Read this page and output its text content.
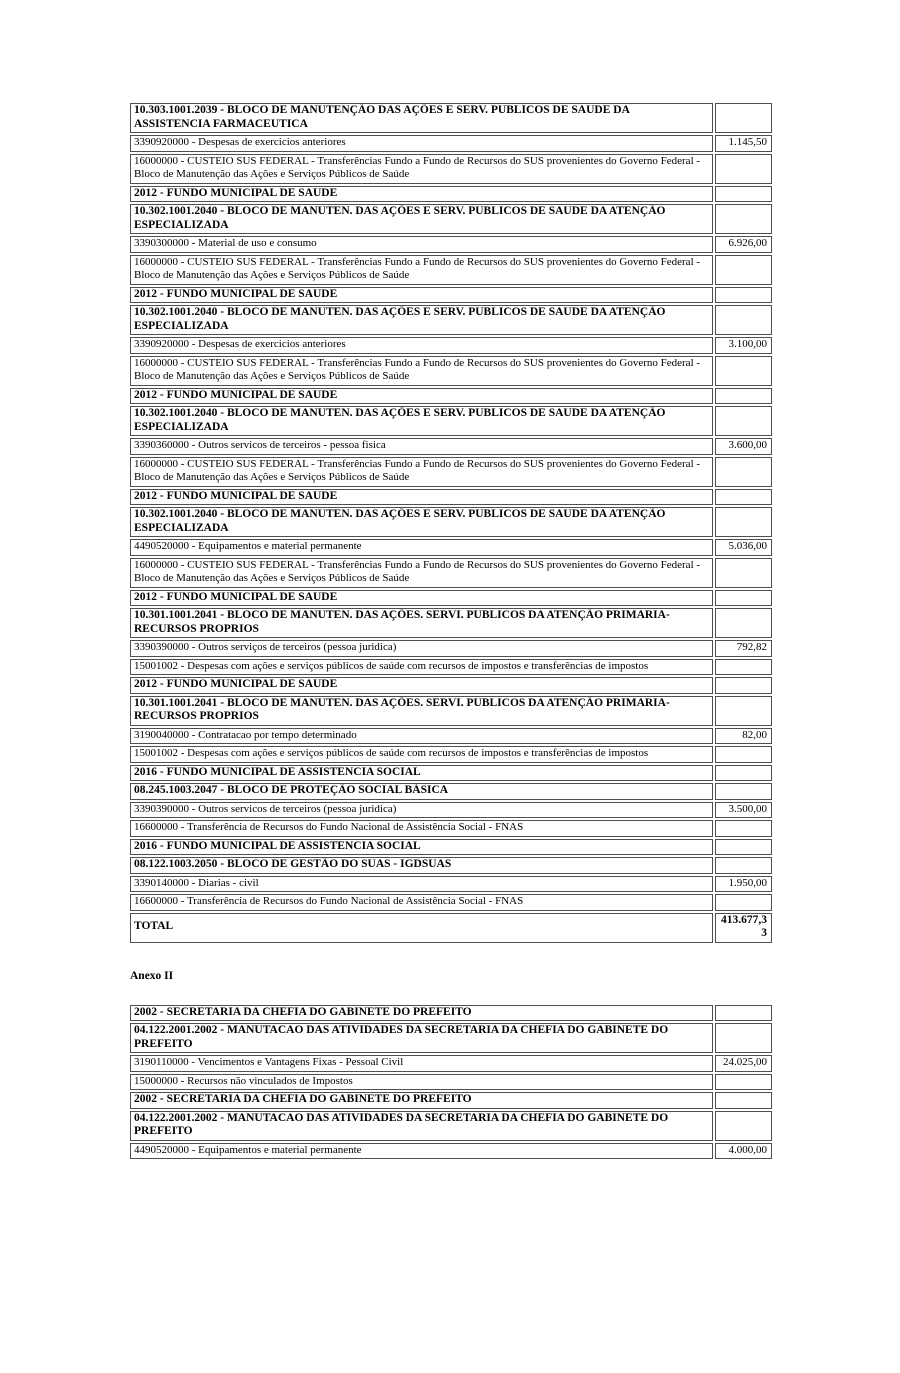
10.303.1001.2039 - BLOCO DE MANUTENÇÃO DAS AÇÕES E SERV. PUBLICOS DE SAUDE DA ASSISTENCIA FARMACEUTICA	
3390920000 - Despesas de exercicios anteriores	1.145,50
16000000 - CUSTEIO SUS FEDERAL - Transferências Fundo a Fundo de Recursos do SUS provenientes do Governo Federal - Bloco de Manutenção das Ações e Serviços Públicos de Saúde	
2012 - FUNDO MUNICIPAL DE SAUDE	
10.302.1001.2040 - BLOCO DE MANUTEN. DAS AÇÕES E SERV. PUBLICOS DE SAUDE DA ATENÇÃO ESPECIALIZADA	
3390300000 - Material de uso e consumo	6.926,00
16000000 - CUSTEIO SUS FEDERAL - Transferências Fundo a Fundo de Recursos do SUS provenientes do Governo Federal - Bloco de Manutenção das Ações e Serviços Públicos de Saúde	
2012 - FUNDO MUNICIPAL DE SAUDE	
10.302.1001.2040 - BLOCO DE MANUTEN. DAS AÇÕES E SERV. PUBLICOS DE SAUDE DA ATENÇÃO ESPECIALIZADA	
3390920000 - Despesas de exercicios anteriores	3.100,00
16000000 - CUSTEIO SUS FEDERAL - Transferências Fundo a Fundo de Recursos do SUS provenientes do Governo Federal - Bloco de Manutenção das Ações e Serviços Públicos de Saúde	
2012 - FUNDO MUNICIPAL DE SAUDE	
10.302.1001.2040 - BLOCO DE MANUTEN. DAS AÇÕES E SERV. PUBLICOS DE SAUDE DA ATENÇÃO ESPECIALIZADA	
3390360000 - Outros servicos de terceiros - pessoa fisica	3.600,00
16000000 - CUSTEIO SUS FEDERAL - Transferências Fundo a Fundo de Recursos do SUS provenientes do Governo Federal - Bloco de Manutenção das Ações e Serviços Públicos de Saúde	
2012 - FUNDO MUNICIPAL DE SAUDE	
10.302.1001.2040 - BLOCO DE MANUTEN. DAS AÇÕES E SERV. PUBLICOS DE SAUDE DA ATENÇÃO ESPECIALIZADA	
4490520000 - Equipamentos e material permanente	5.036,00
16000000 - CUSTEIO SUS FEDERAL - Transferências Fundo a Fundo de Recursos do SUS provenientes do Governo Federal - Bloco de Manutenção das Ações e Serviços Públicos de Saúde	
2012 - FUNDO MUNICIPAL DE SAUDE	
10.301.1001.2041 - BLOCO DE MANUTEN. DAS AÇÕES. SERVI. PUBLICOS DA ATENÇÃO PRIMARIA- RECURSOS PROPRIOS	
3390390000 - Outros serviços de terceiros (pessoa juridica)	792,82
15001002 - Despesas com ações e serviços públicos de saúde com recursos de impostos e transferências de impostos	
2012 - FUNDO MUNICIPAL DE SAUDE	
10.301.1001.2041 - BLOCO DE MANUTEN. DAS AÇÕES. SERVI. PUBLICOS DA ATENÇÃO PRIMARIA- RECURSOS PROPRIOS	
3190040000 - Contratacao por tempo determinado	82,00
15001002 - Despesas com ações e serviços públicos de saúde com recursos de impostos e transferências de impostos	
2016 - FUNDO MUNICIPAL DE ASSISTENCIA SOCIAL	
08.245.1003.2047 - BLOCO DE PROTEÇÃO SOCIAL BÁSICA	
3390390000 - Outros servicos de terceiros (pessoa juridica)	3.500,00
16600000 - Transferência de Recursos do Fundo Nacional de Assistência Social - FNAS	
2016 - FUNDO MUNICIPAL DE ASSISTENCIA SOCIAL	
08.122.1003.2050 - BLOCO DE GESTÃO DO SUAS - IGDSUAS	
3390140000 - Diarias - civil	1.950,00
16600000 - Transferência de Recursos do Fundo Nacional de Assistência Social - FNAS	
TOTAL	413.677,33
Anexo II
2002 - SECRETARIA DA CHEFIA DO GABINETE DO PREFEITO	
04.122.2001.2002 - MANUTACAO DAS ATIVIDADES DA SECRETARIA DA CHEFIA DO GABINETE DO PREFEITO	
3190110000 - Vencimentos e Vantagens Fixas - Pessoal Civil	24.025,00
15000000 - Recursos não vinculados de Impostos	
2002 - SECRETARIA DA CHEFIA DO GABINETE DO PREFEITO	
04.122.2001.2002 - MANUTACAO DAS ATIVIDADES DA SECRETARIA DA CHEFIA DO GABINETE DO PREFEITO	
4490520000 - Equipamentos e material permanente	4.000,00
